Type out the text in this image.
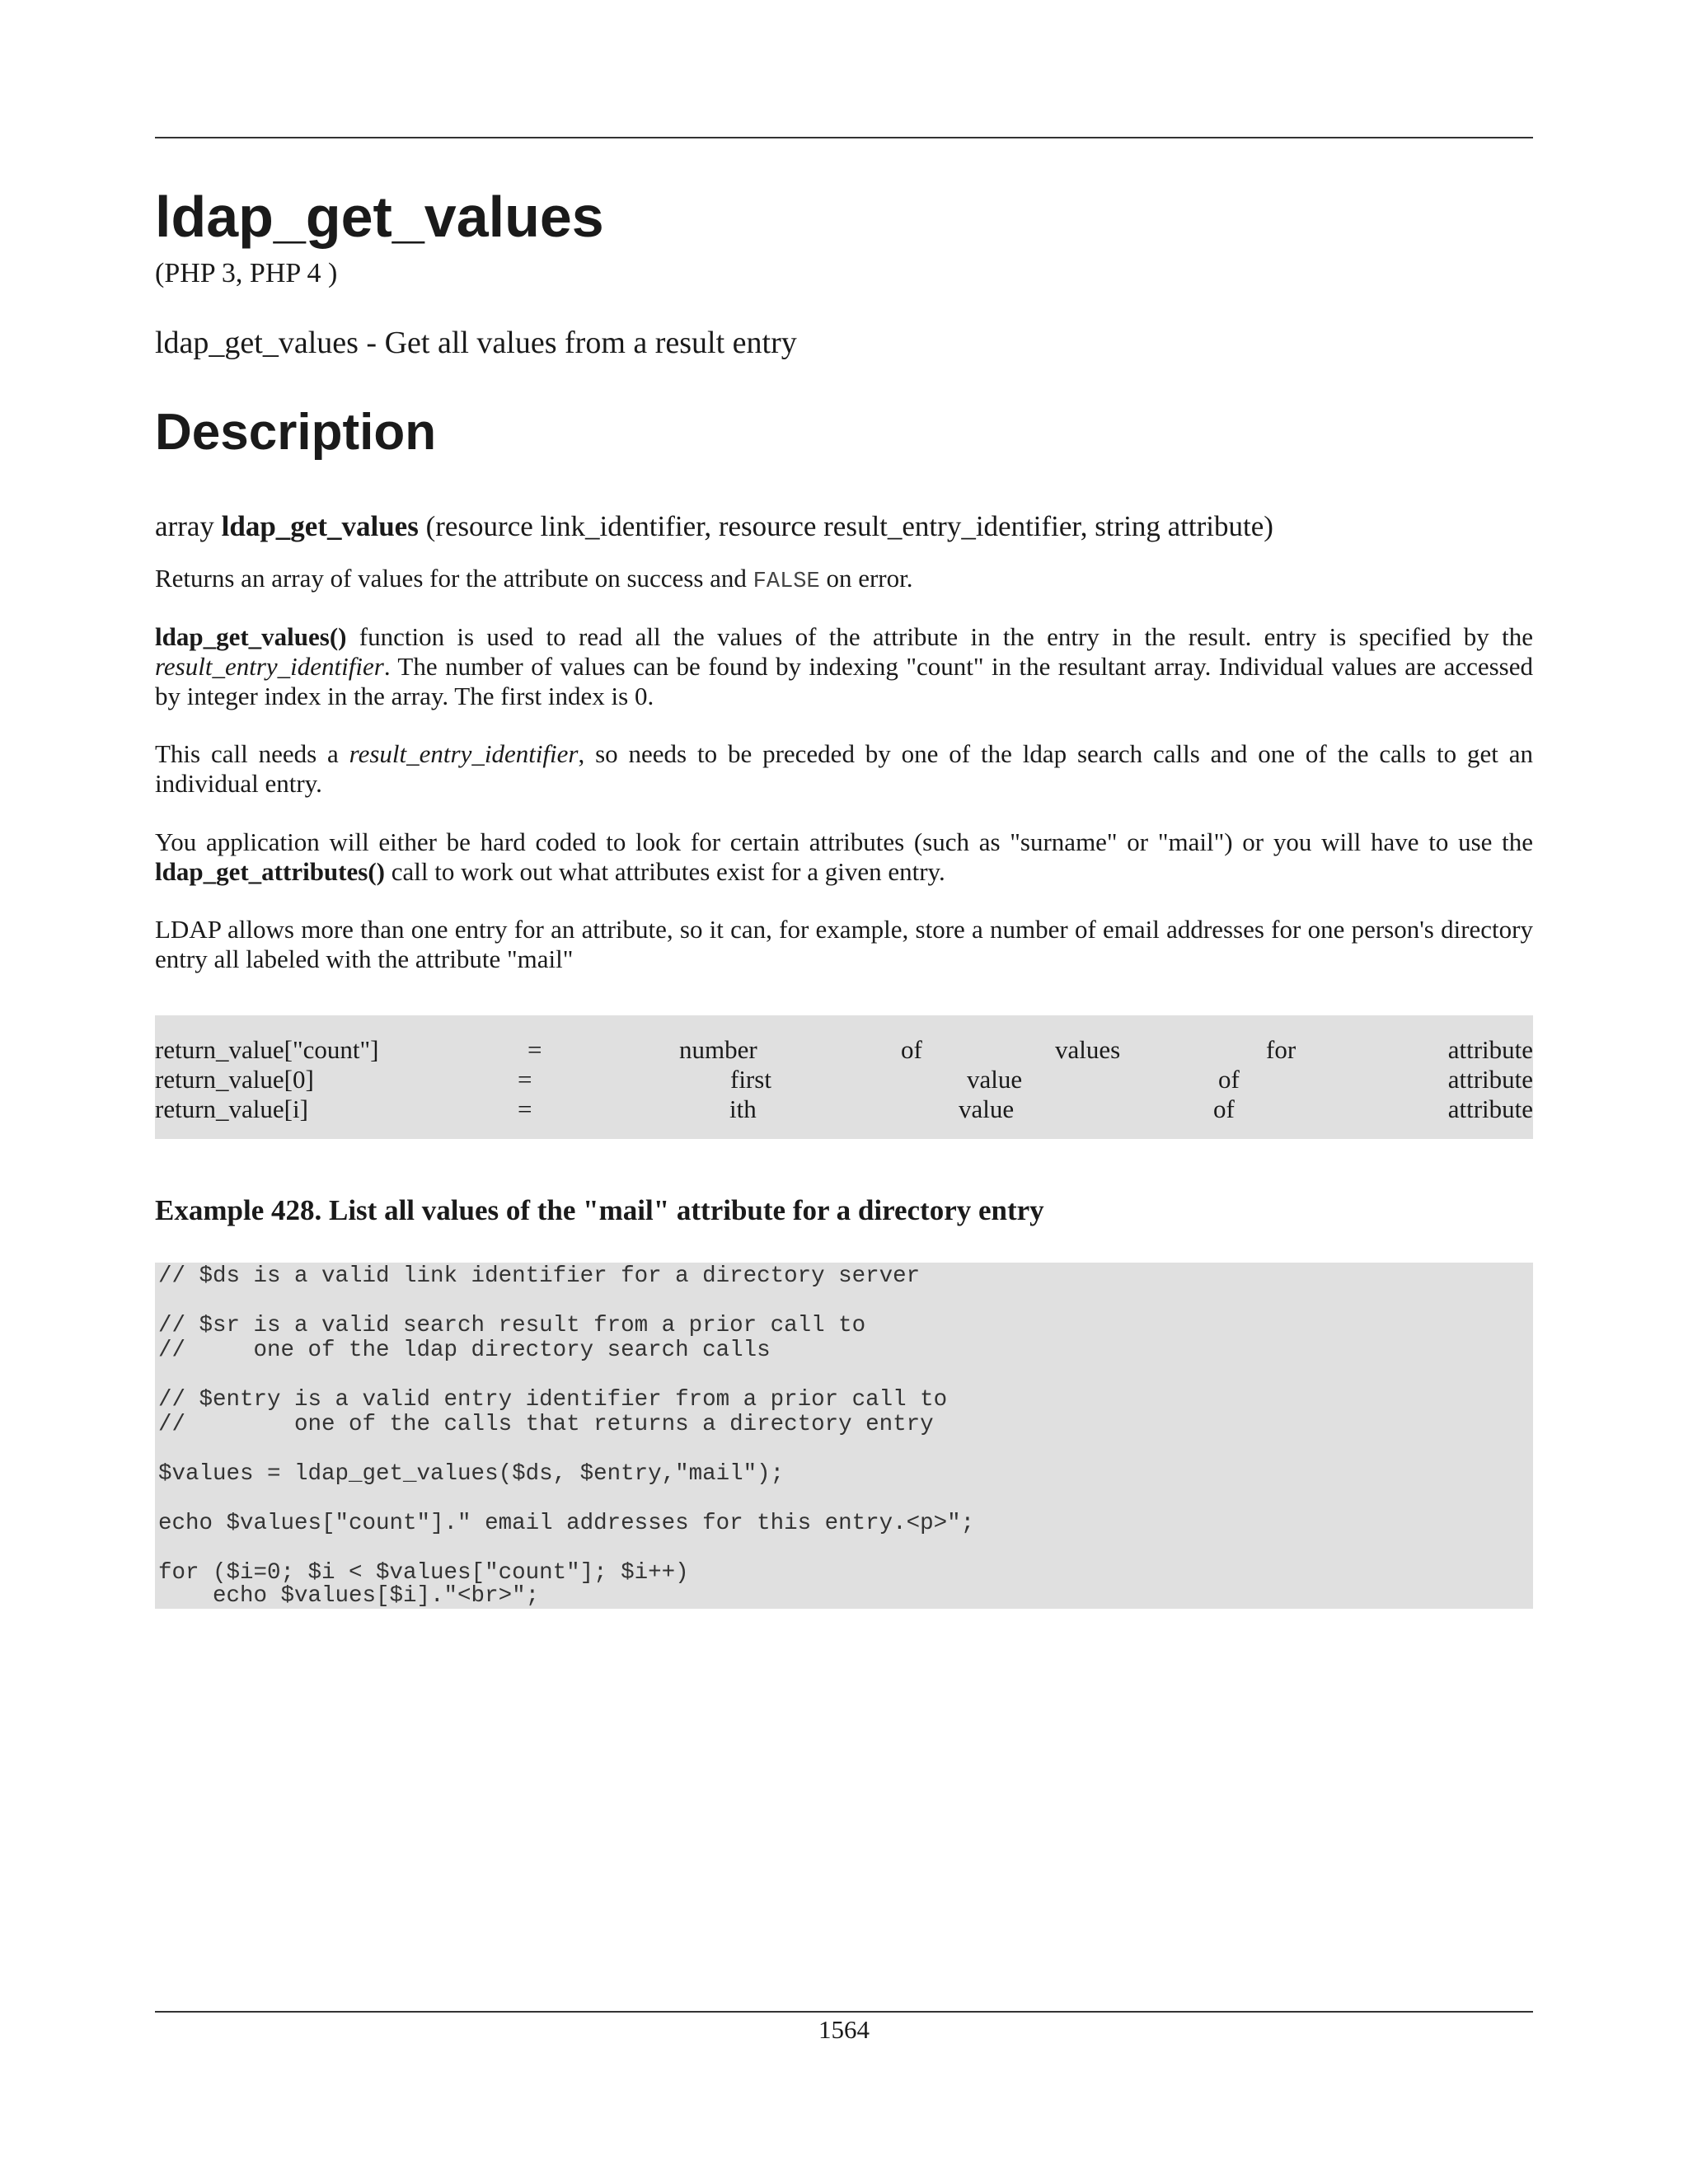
ldap_get_values
(PHP 3, PHP 4 )
ldap_get_values - Get all values from a result entry
Description
array ldap_get_values (resource link_identifier, resource result_entry_identifier, string attribute)
Returns an array of values for the attribute on success and FALSE on error.
ldap_get_values() function is used to read all the values of the attribute in the entry in the result. entry is specified by the result_entry_identifier. The number of values can be found by indexing "count" in the resultant array. Individual values are accessed by integer index in the array. The first index is 0.
This call needs a result_entry_identifier, so needs to be preceded by one of the ldap search calls and one of the calls to get an individual entry.
You application will either be hard coded to look for certain attributes (such as "surname" or "mail") or you will have to use the ldap_get_attributes() call to work out what attributes exist for a given entry.
LDAP allows more than one entry for an attribute, so it can, for example, store a number of email addresses for one person's directory entry all labeled with the attribute "mail"
return_value["count"]	=	number	of	values	for	attribute
return_value[0]	=	first	value	of	attribute
return_value[i]	=	ith	value	of	attribute
Example 428. List all values of the "mail" attribute for a directory entry
// $ds is a valid link identifier for a directory server
// $sr is a valid search result from a prior call to
//     one of the ldap directory search calls
// $entry is a valid entry identifier from a prior call to
//        one of the calls that returns a directory entry
$values = ldap_get_values($ds, $entry,"mail");
echo $values["count"]." email addresses for this entry.<p>";
for ($i=0; $i < $values["count"]; $i++)
echo $values[$i]."<br>";
1564
